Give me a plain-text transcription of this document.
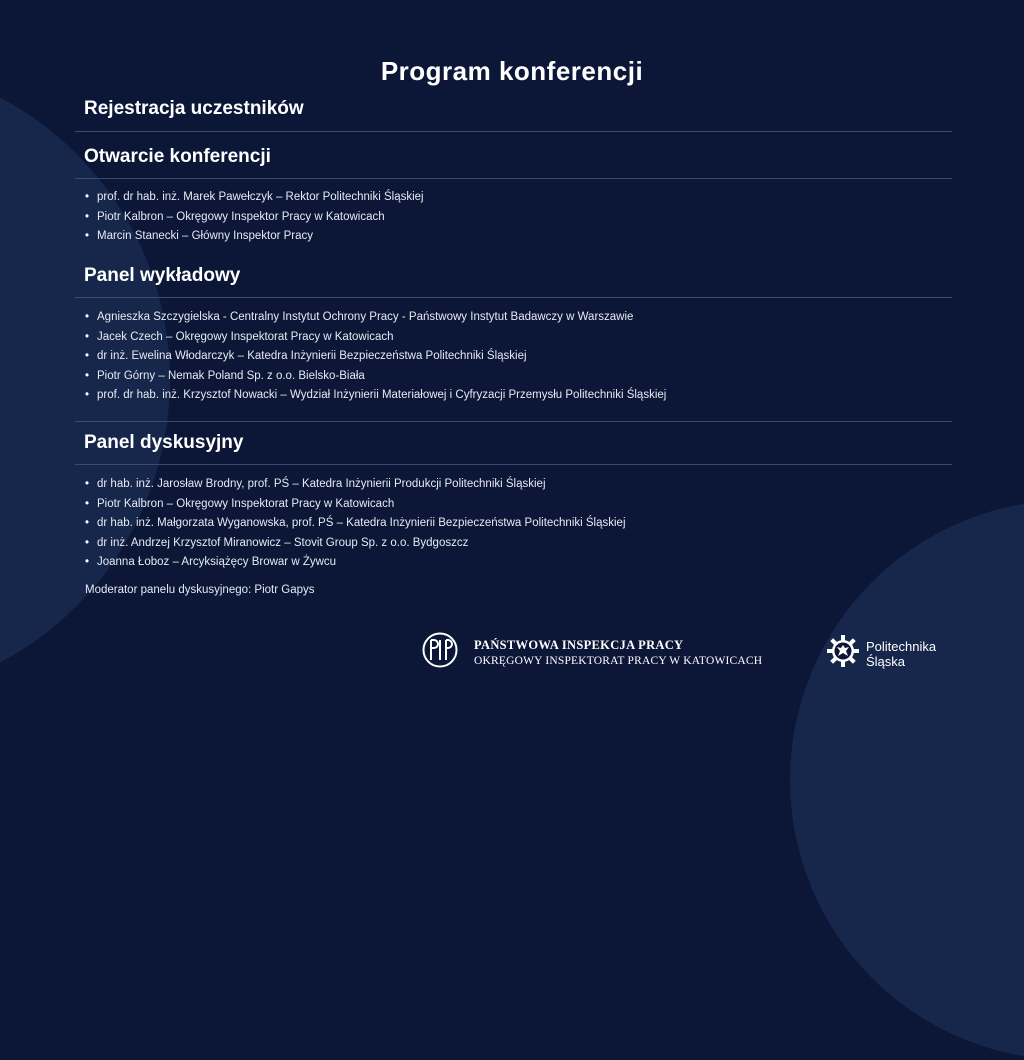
Program konferencji
Rejestracja uczestników
Otwarcie konferencji
• prof. dr hab. inż. Marek Pawełczyk – Rektor Politechniki Śląskiej
• Piotr Kalbron – Okręgowy Inspektor Pracy w Katowicach
• Marcin Stanecki – Główny Inspektor Pracy
Panel wykładowy
• Agnieszka Szczygielska - Centralny Instytut Ochrony Pracy - Państwowy Instytut Badawczy w Warszawie
• Jacek Czech – Okręgowy Inspektorat Pracy w Katowicach
• dr inż. Ewelina Włodarczyk – Katedra Inżynierii Bezpieczeństwa Politechniki Śląskiej
• Piotr Górny – Nemak Poland Sp. z o.o. Bielsko-Biała
• prof. dr hab. inż. Krzysztof Nowacki – Wydział Inżynierii Materiałowej i Cyfryzacji Przemysłu Politechniki Śląskiej
Panel dyskusyjny
• dr hab. inż. Jarosław Brodny, prof. PŚ – Katedra Inżynierii Produkcji Politechniki Śląskiej
• Piotr Kalbron – Okręgowy Inspektorat Pracy w Katowicach
• dr hab. inż. Małgorzata Wyganowska, prof. PŚ – Katedra Inżynierii Bezpieczeństwa Politechniki Śląskiej
• dr inż. Andrzej Krzysztof Miranowicz – Stovit Group Sp. z o.o. Bydgoszcz
• Joanna Łoboz – Arcyksiążęcy Browar w Żywcu

Moderator panelu dyskusyjnego: Piotr Gapys

PAŃSTWOWA INSPEKCJA PRACY
OKRĘGOWY INSPEKTORAT PRACY W KATOWICACH
Politechnika
Śląska
